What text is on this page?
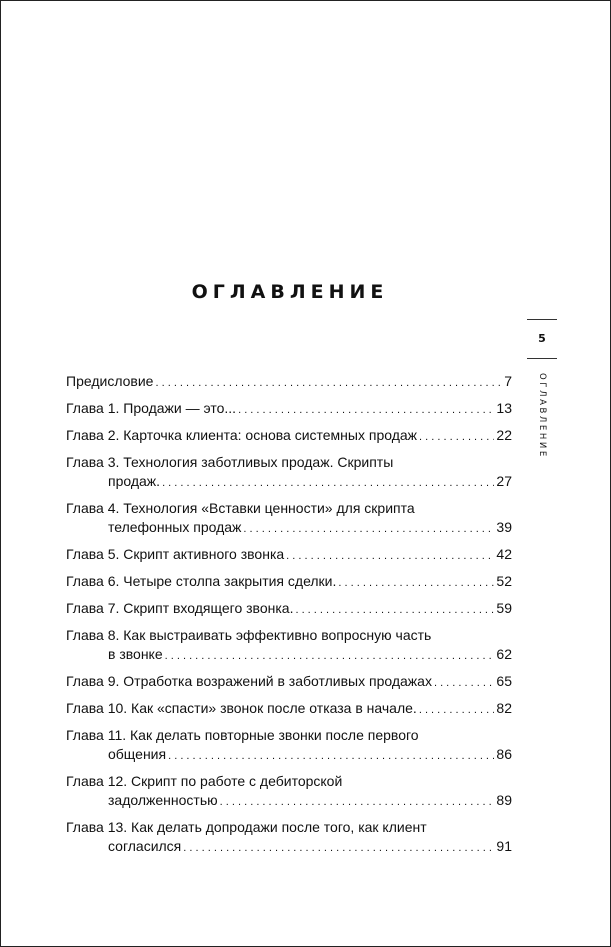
ОГЛАВЛЕНИЕ
5
ОГЛАВЛЕНИЕ
Предисловие . . .	7
Глава 1. Продажи — это... . . .	13
Глава 2. Карточка клиента: основа системных продаж . . .	22
Глава 3. Технология заботливых продаж. Скрипты
продаж. . . .	27
Глава 4. Технология «Вставки ценности» для скрипта
телефонных продаж . . .	39
Глава 5. Скрипт активного звонка . . .	42
Глава 6. Четыре столпа закрытия сделки. . . .	52
Глава 7. Скрипт входящего звонка. . . .	59
Глава 8. Как выстраивать эффективно вопросную часть
в звонке . . .	62
Глава 9. Отработка возражений в заботливых продажах . . .	65
Глава 10. Как «спасти» звонок после отказа в начале. . . .	82
Глава 11. Как делать повторные звонки после первого
общения . . .	86
Глава 12. Скрипт по работе с дебиторской
задолженностью . . .	89
Глава 13. Как делать допродажи после того, как клиент
согласился . . .	91
